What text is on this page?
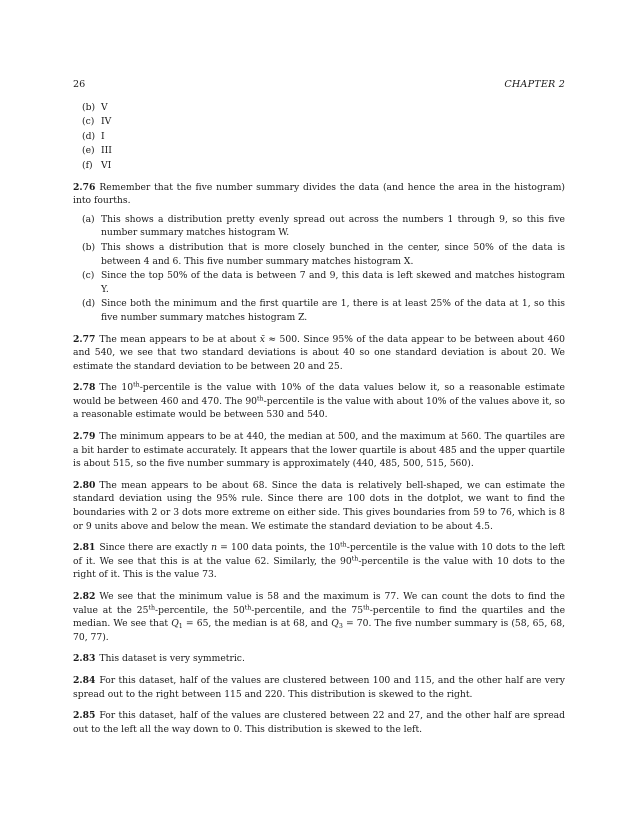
26	CHAPTER 2
(b) V
(c) IV
(d) I
(e) III
(f) VI

2.76 Remember that the five number summary divides the data (and hence the area in the histogram) into fourths.

(a) This shows a distribution pretty evenly spread out across the numbers 1 through 9, so this five number summary matches histogram W.
(b) This shows a distribution that is more closely bunched in the center, since 50% of the data is between 4 and 6. This five number summary matches histogram X.
(c) Since the top 50% of the data is between 7 and 9, this data is left skewed and matches histogram Y.
(d) Since both the minimum and the first quartile are 1, there is at least 25% of the data at 1, so this five number summary matches histogram Z.

2.77 The mean appears to be at about x̄ ≈ 500. Since 95% of the data appear to be between about 460 and 540, we see that two standard deviations is about 40 so one standard deviation is about 20. We estimate the standard deviation to be between 20 and 25.

2.78 The 10th-percentile is the value with 10% of the data values below it, so a reasonable estimate would be between 460 and 470. The 90th-percentile is the value with about 10% of the values above it, so a reasonable estimate would be between 530 and 540.

2.79 The minimum appears to be at 440, the median at 500, and the maximum at 560. The quartiles are a bit harder to estimate accurately. It appears that the lower quartile is about 485 and the upper quartile is about 515, so the five number summary is approximately (440, 485, 500, 515, 560).

2.80 The mean appears to be about 68. Since the data is relatively bell-shaped, we can estimate the standard deviation using the 95% rule. Since there are 100 dots in the dotplot, we want to find the boundaries with 2 or 3 dots more extreme on either side. This gives boundaries from 59 to 76, which is 8 or 9 units above and below the mean. We estimate the standard deviation to be about 4.5.

2.81 Since there are exactly n = 100 data points, the 10th-percentile is the value with 10 dots to the left of it. We see that this is at the value 62. Similarly, the 90th-percentile is the value with 10 dots to the right of it. This is the value 73.

2.82 We see that the minimum value is 58 and the maximum is 77. We can count the dots to find the value at the 25th-percentile, the 50th-percentile, and the 75th-percentile to find the quartiles and the median. We see that $Q_1 = 65$, the median is at 68, and $Q_3 = 70$. The five number summary is (58, 65, 68, 70, 77).

2.83 This dataset is very symmetric.

2.84 For this dataset, half of the values are clustered between 100 and 115, and the other half are very spread out to the right between 115 and 220. This distribution is skewed to the right.

2.85 For this dataset, half of the values are clustered between 22 and 27, and the other half are spread out to the left all the way down to 0. This distribution is skewed to the left.
